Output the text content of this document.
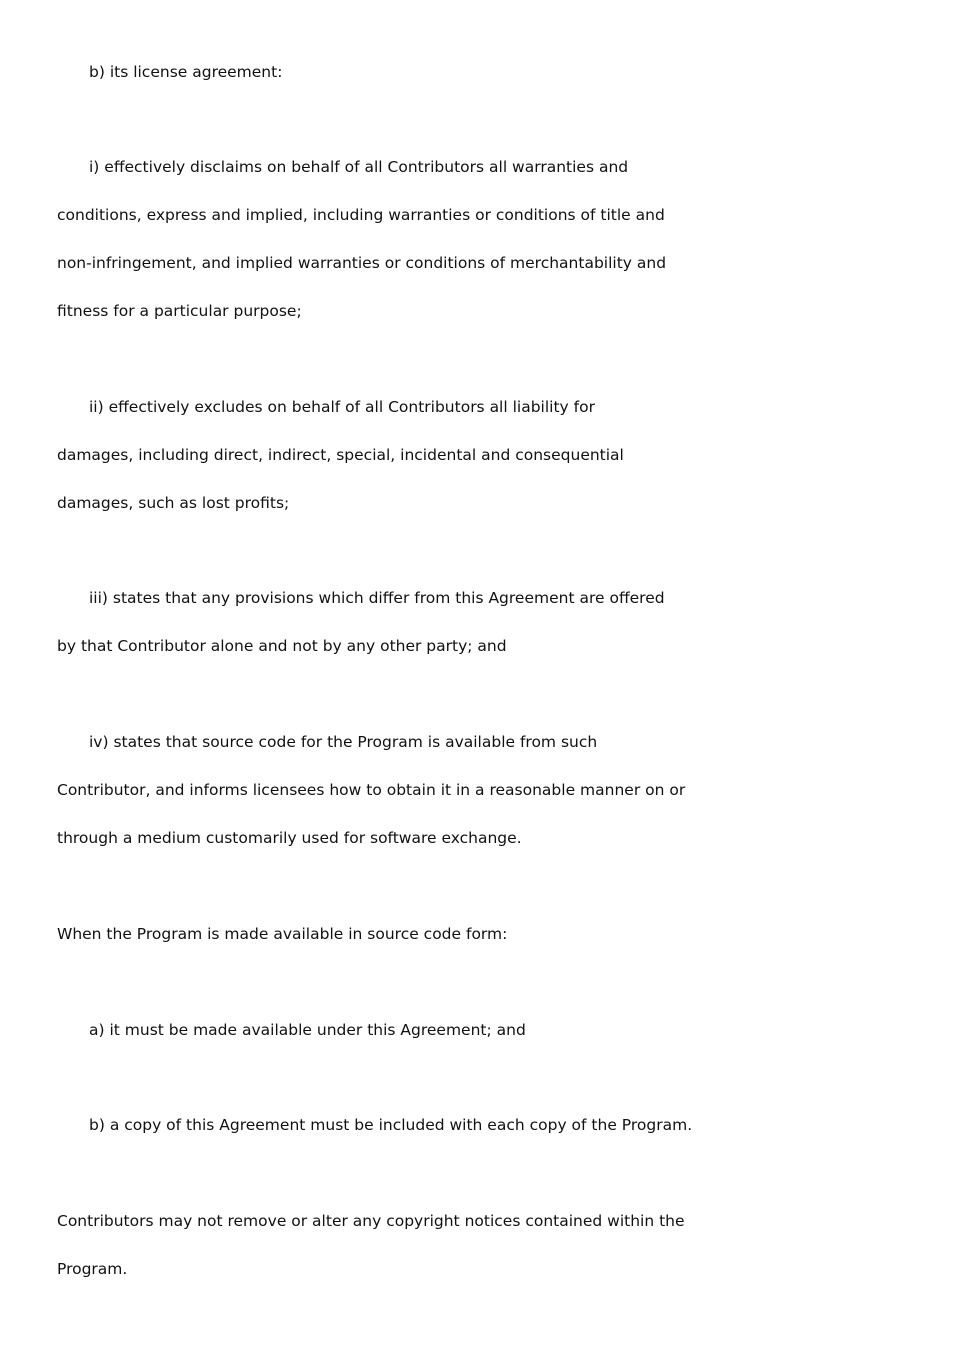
b) its license agreement:
i) effectively disclaims on behalf of all Contributors all warranties and
conditions, express and implied, including warranties or conditions of title and
non-infringement, and implied warranties or conditions of merchantability and
fitness for a particular purpose;
ii) effectively excludes on behalf of all Contributors all liability for
damages, including direct, indirect, special, incidental and consequential
damages, such as lost profits;
iii) states that any provisions which differ from this Agreement are offered
by that Contributor alone and not by any other party; and
iv) states that source code for the Program is available from such
Contributor, and informs licensees how to obtain it in a reasonable manner on or
through a medium customarily used for software exchange.
When the Program is made available in source code form:
a) it must be made available under this Agreement; and
b) a copy of this Agreement must be included with each copy of the Program.
Contributors may not remove or alter any copyright notices contained within the
Program.
